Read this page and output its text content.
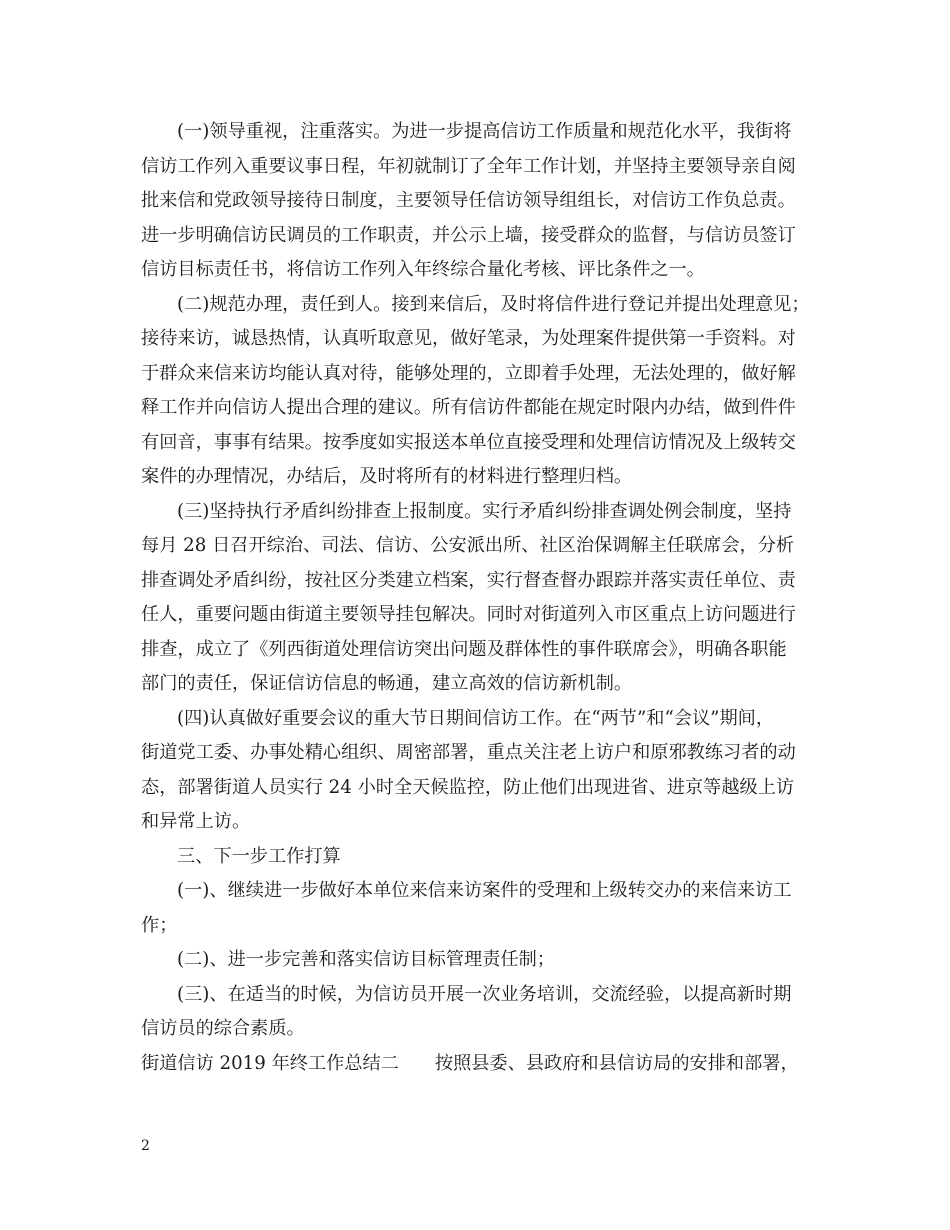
(一)领导重视，注重落实。为进一步提高信访工作质量和规范化水平，我街将
信访工作列入重要议事日程，年初就制订了全年工作计划，并坚持主要领导亲自阅
批来信和党政领导接待日制度，主要领导任信访领导组组长，对信访工作负总责。
进一步明确信访民调员的工作职责，并公示上墙，接受群众的监督，与信访员签订
信访目标责任书，将信访工作列入年终综合量化考核、评比条件之一。
(二)规范办理，责任到人。接到来信后，及时将信件进行登记并提出处理意见；
接待来访，诚恳热情，认真听取意见，做好笔录，为处理案件提供第一手资料。对
于群众来信来访均能认真对待，能够处理的，立即着手处理，无法处理的，做好解
释工作并向信访人提出合理的建议。所有信访件都能在规定时限内办结，做到件件
有回音，事事有结果。按季度如实报送本单位直接受理和处理信访情况及上级转交
案件的办理情况，办结后，及时将所有的材料进行整理归档。
(三)坚持执行矛盾纠纷排查上报制度。实行矛盾纠纷排查调处例会制度，坚持
每月 28 日召开综治、司法、信访、公安派出所、社区治保调解主任联席会，分析
排查调处矛盾纠纷，按社区分类建立档案，实行督查督办跟踪并落实责任单位、责
任人，重要问题由街道主要领导挂包解决。同时对街道列入市区重点上访问题进行
排查，成立了《列西街道处理信访突出问题及群体性的事件联席会》，明确各职能
部门的责任，保证信访信息的畅通，建立高效的信访新机制。
(四)认真做好重要会议的重大节日期间信访工作。在“两节”和“会议”期间，
街道党工委、办事处精心组织、周密部署，重点关注老上访户和原邪教练习者的动
态，部署街道人员实行 24 小时全天候监控，防止他们出现进省、进京等越级上访
和异常上访。
三、下一步工作打算
(一)、继续进一步做好本单位来信来访案件的受理和上级转交办的来信来访工
作；
(二)、进一步完善和落实信访目标管理责任制；
(三)、在适当的时候，为信访员开展一次业务培训，交流经验，以提高新时期
信访员的综合素质。
街道信访 2019 年终工作总结二 按照县委、县政府和县信访局的安排和部署，
2
